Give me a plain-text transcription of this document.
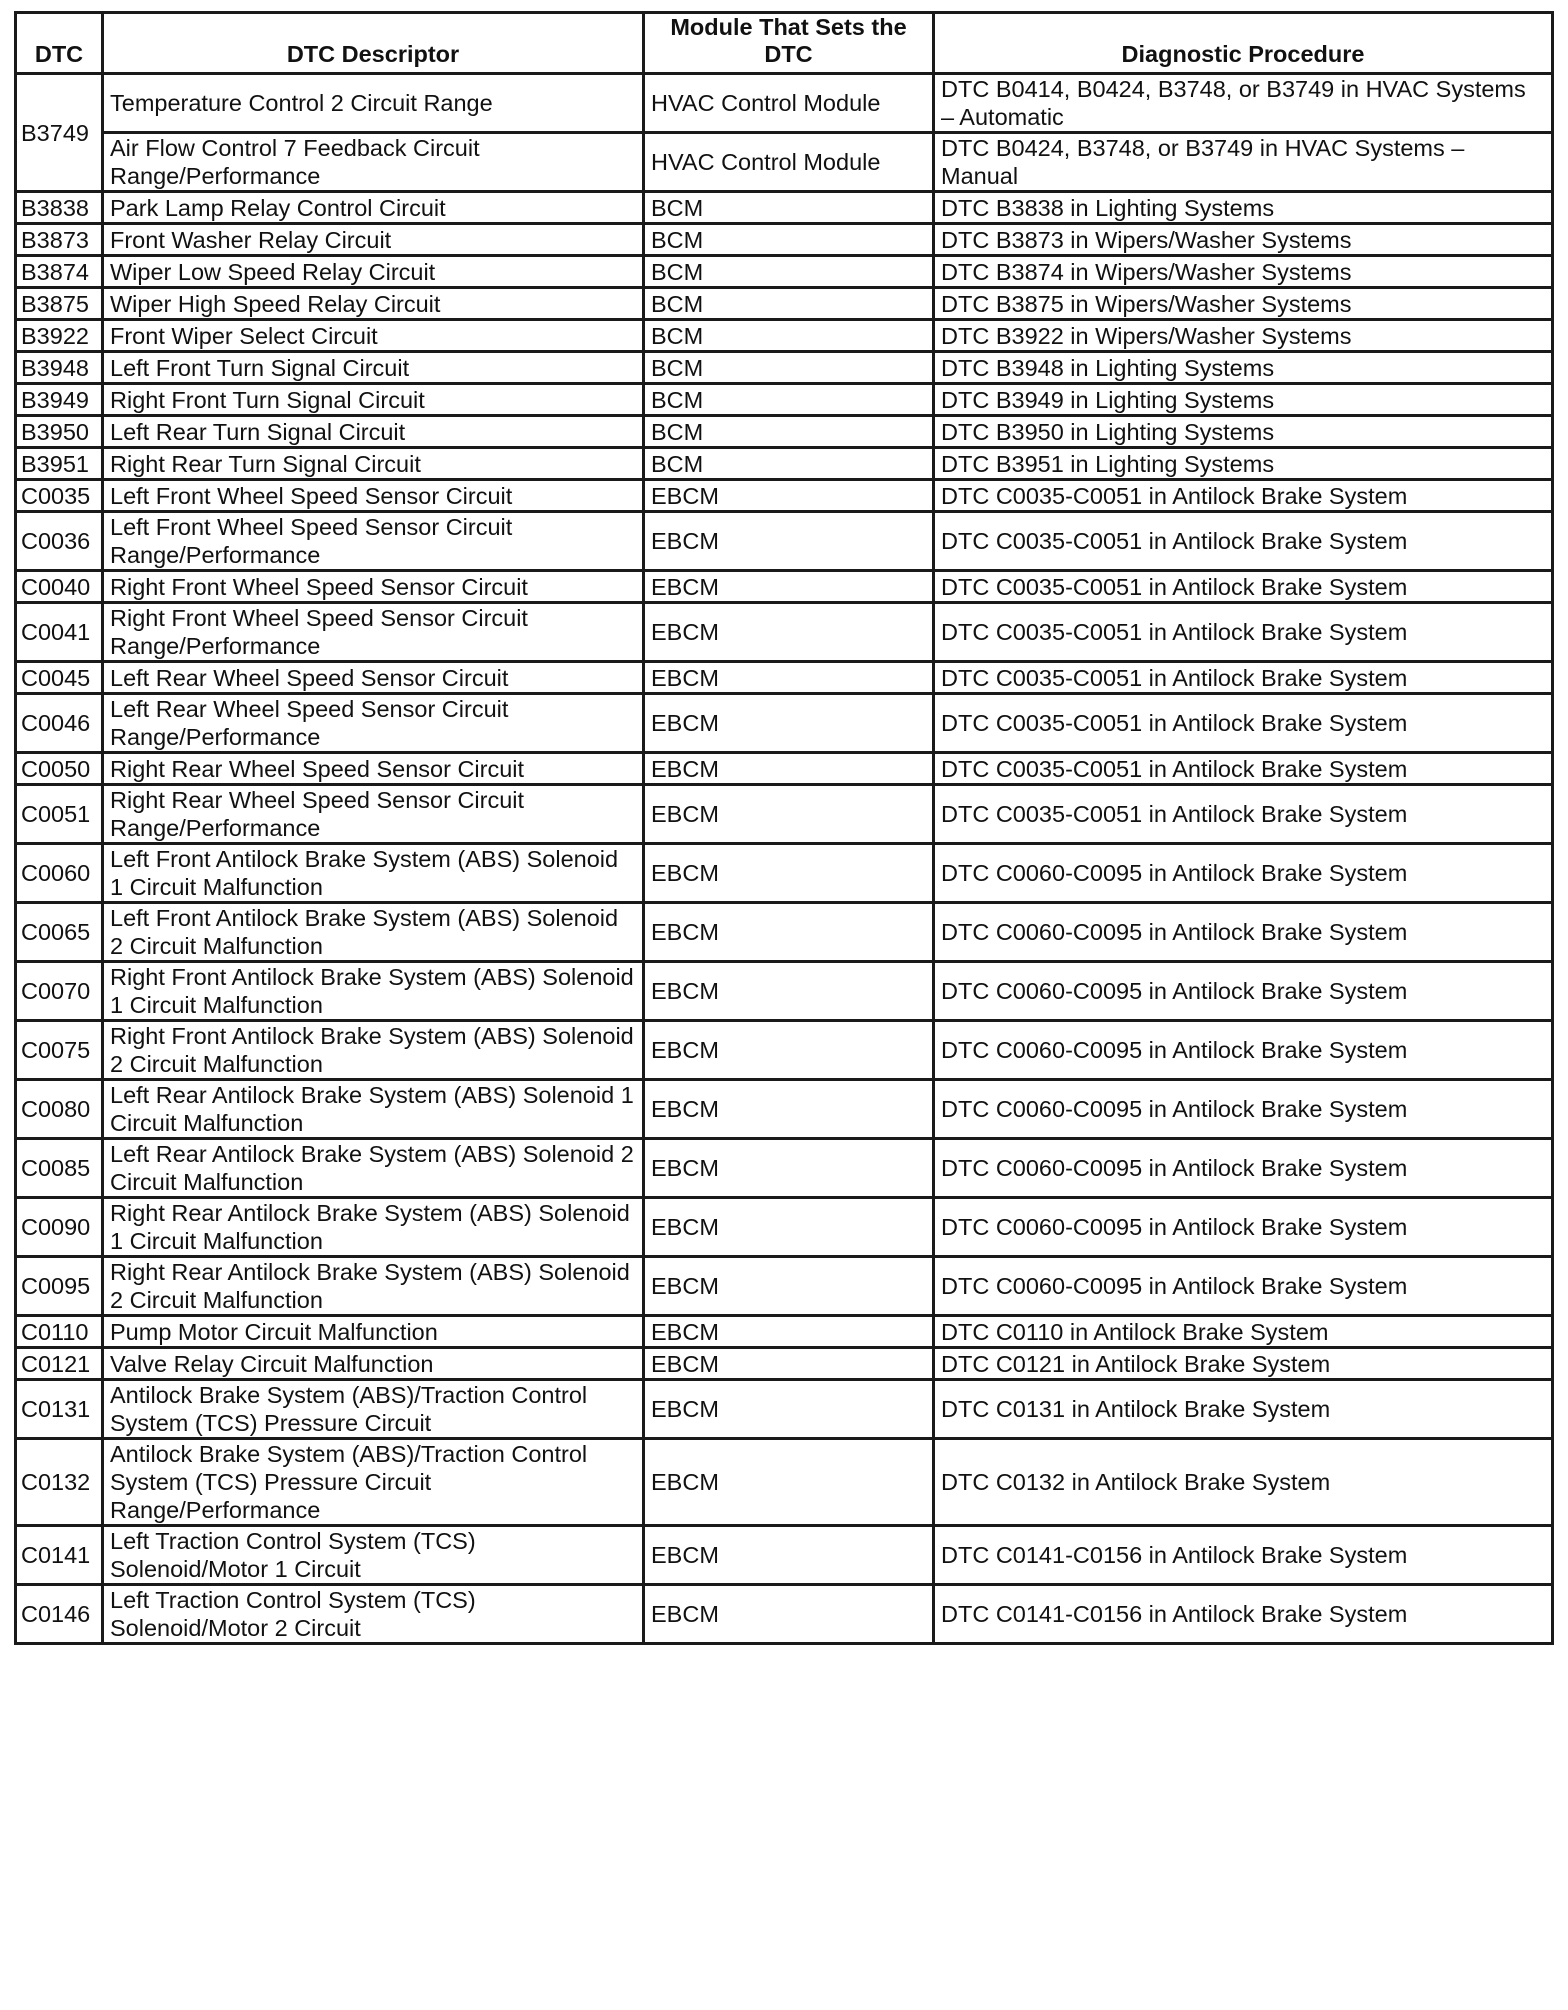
DTC	DTC Descriptor	Module That Sets the DTC	Diagnostic Procedure
B3749	Temperature Control 2 Circuit Range	HVAC Control Module	DTC B0414, B0424, B3748, or B3749 in HVAC Systems – Automatic
	Air Flow Control 7 Feedback Circuit Range/Performance	HVAC Control Module	DTC B0424, B3748, or B3749 in HVAC Systems – Manual
B3838	Park Lamp Relay Control Circuit	BCM	DTC B3838 in Lighting Systems
B3873	Front Washer Relay Circuit	BCM	DTC B3873 in Wipers/Washer Systems
B3874	Wiper Low Speed Relay Circuit	BCM	DTC B3874 in Wipers/Washer Systems
B3875	Wiper High Speed Relay Circuit	BCM	DTC B3875 in Wipers/Washer Systems
B3922	Front Wiper Select Circuit	BCM	DTC B3922 in Wipers/Washer Systems
B3948	Left Front Turn Signal Circuit	BCM	DTC B3948 in Lighting Systems
B3949	Right Front Turn Signal Circuit	BCM	DTC B3949 in Lighting Systems
B3950	Left Rear Turn Signal Circuit	BCM	DTC B3950 in Lighting Systems
B3951	Right Rear Turn Signal Circuit	BCM	DTC B3951 in Lighting Systems
C0035	Left Front Wheel Speed Sensor Circuit	EBCM	DTC C0035-C0051 in Antilock Brake System
C0036	Left Front Wheel Speed Sensor Circuit Range/Performance	EBCM	DTC C0035-C0051 in Antilock Brake System
C0040	Right Front Wheel Speed Sensor Circuit	EBCM	DTC C0035-C0051 in Antilock Brake System
C0041	Right Front Wheel Speed Sensor Circuit Range/Performance	EBCM	DTC C0035-C0051 in Antilock Brake System
C0045	Left Rear Wheel Speed Sensor Circuit	EBCM	DTC C0035-C0051 in Antilock Brake System
C0046	Left Rear Wheel Speed Sensor Circuit Range/Performance	EBCM	DTC C0035-C0051 in Antilock Brake System
C0050	Right Rear Wheel Speed Sensor Circuit	EBCM	DTC C0035-C0051 in Antilock Brake System
C0051	Right Rear Wheel Speed Sensor Circuit Range/Performance	EBCM	DTC C0035-C0051 in Antilock Brake System
C0060	Left Front Antilock Brake System (ABS) Solenoid 1 Circuit Malfunction	EBCM	DTC C0060-C0095 in Antilock Brake System
C0065	Left Front Antilock Brake System (ABS) Solenoid 2 Circuit Malfunction	EBCM	DTC C0060-C0095 in Antilock Brake System
C0070	Right Front Antilock Brake System (ABS) Solenoid 1 Circuit Malfunction	EBCM	DTC C0060-C0095 in Antilock Brake System
C0075	Right Front Antilock Brake System (ABS) Solenoid 2 Circuit Malfunction	EBCM	DTC C0060-C0095 in Antilock Brake System
C0080	Left Rear Antilock Brake System (ABS) Solenoid 1 Circuit Malfunction	EBCM	DTC C0060-C0095 in Antilock Brake System
C0085	Left Rear Antilock Brake System (ABS) Solenoid 2 Circuit Malfunction	EBCM	DTC C0060-C0095 in Antilock Brake System
C0090	Right Rear Antilock Brake System (ABS) Solenoid 1 Circuit Malfunction	EBCM	DTC C0060-C0095 in Antilock Brake System
C0095	Right Rear Antilock Brake System (ABS) Solenoid 2 Circuit Malfunction	EBCM	DTC C0060-C0095 in Antilock Brake System
C0110	Pump Motor Circuit Malfunction	EBCM	DTC C0110 in Antilock Brake System
C0121	Valve Relay Circuit Malfunction	EBCM	DTC C0121 in Antilock Brake System
C0131	Antilock Brake System (ABS)/Traction Control System (TCS) Pressure Circuit	EBCM	DTC C0131 in Antilock Brake System
C0132	Antilock Brake System (ABS)/Traction Control System (TCS) Pressure Circuit Range/Performance	EBCM	DTC C0132 in Antilock Brake System
C0141	Left Traction Control System (TCS) Solenoid/Motor 1 Circuit	EBCM	DTC C0141-C0156 in Antilock Brake System
C0146	Left Traction Control System (TCS) Solenoid/Motor 2 Circuit	EBCM	DTC C0141-C0156 in Antilock Brake System
